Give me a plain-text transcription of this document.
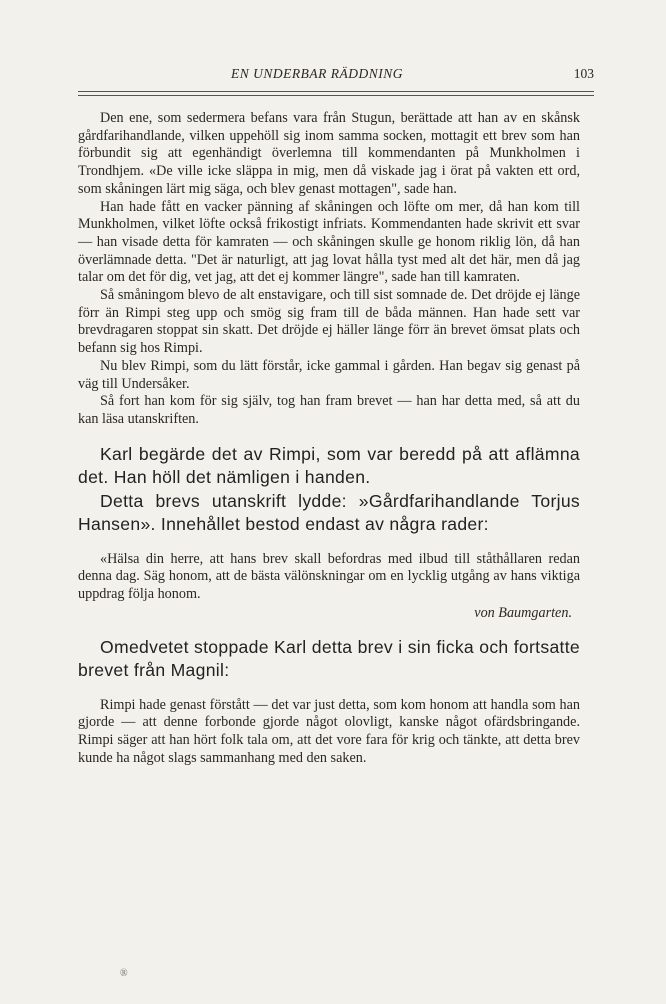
EN UNDERBAR RÄDDNING	103

Den ene, som sedermera befans vara från Stugun, berättade att han av en skånsk gårdfarihandlande, vilken uppehöll sig inom samma socken, mottagit ett brev som han förbundit sig att egenhändigt överlemna till kommendanten på Munkholmen i Trondhjem. «De ville icke släppa in mig, men då viskade jag i örat på vakten ett ord, som skåningen lärt mig säga, och blev genast mottagen", sade han.

Han hade fått en vacker pänning af skåningen och löfte om mer, då han kom till Munkholmen, vilket löfte också frikostigt infriats. Kommendanten hade skrivit ett svar — han visade detta för kamraten — och skåningen skulle ge honom riklig lön, då han överlämnade detta. "Det är naturligt, att jag lovat hålla tyst med alt det här, men då jag talar om det för dig, vet jag, att det ej kommer längre", sade han till kamraten.

Så småningom blevo de alt enstavigare, och till sist somnade de. Det dröjde ej länge förr än Rimpi steg upp och smög sig fram till de båda männen. Han hade sett var brevdragaren stoppat sin skatt. Det dröjde ej häller länge förr än brevet ömsat plats och befann sig hos Rimpi.

Nu blev Rimpi, som du lätt förstår, icke gammal i gården. Han begav sig genast på väg till Undersåker.

Så fort han kom för sig själv, tog han fram brevet — han har detta med, så att du kan läsa utanskriften.

Karl begärde det av Rimpi, som var beredd på att aflämna det. Han höll det nämligen i handen.

Detta brevs utanskrift lydde: »Gårdfarihandlande Torjus Hansen». Innehållet bestod endast av några rader:

«Hälsa din herre, att hans brev skall befordras med ilbud till ståthållaren redan denna dag. Säg honom, att de bästa välönskningar om en lycklig utgång av hans viktiga uppdrag följa honom.

von Baumgarten.

Omedvetet stoppade Karl detta brev i sin ficka och fortsatte brevet från Magnil:

Rimpi hade genast förstått — det var just detta, som kom honom att handla som han gjorde — att denne forbonde gjorde något olovligt, kanske något ofärdsbringande. Rimpi säger att han hört folk tala om, att det vore fara för krig och tänkte, att detta brev kunde ha något slags sammanhang med den saken.

®
